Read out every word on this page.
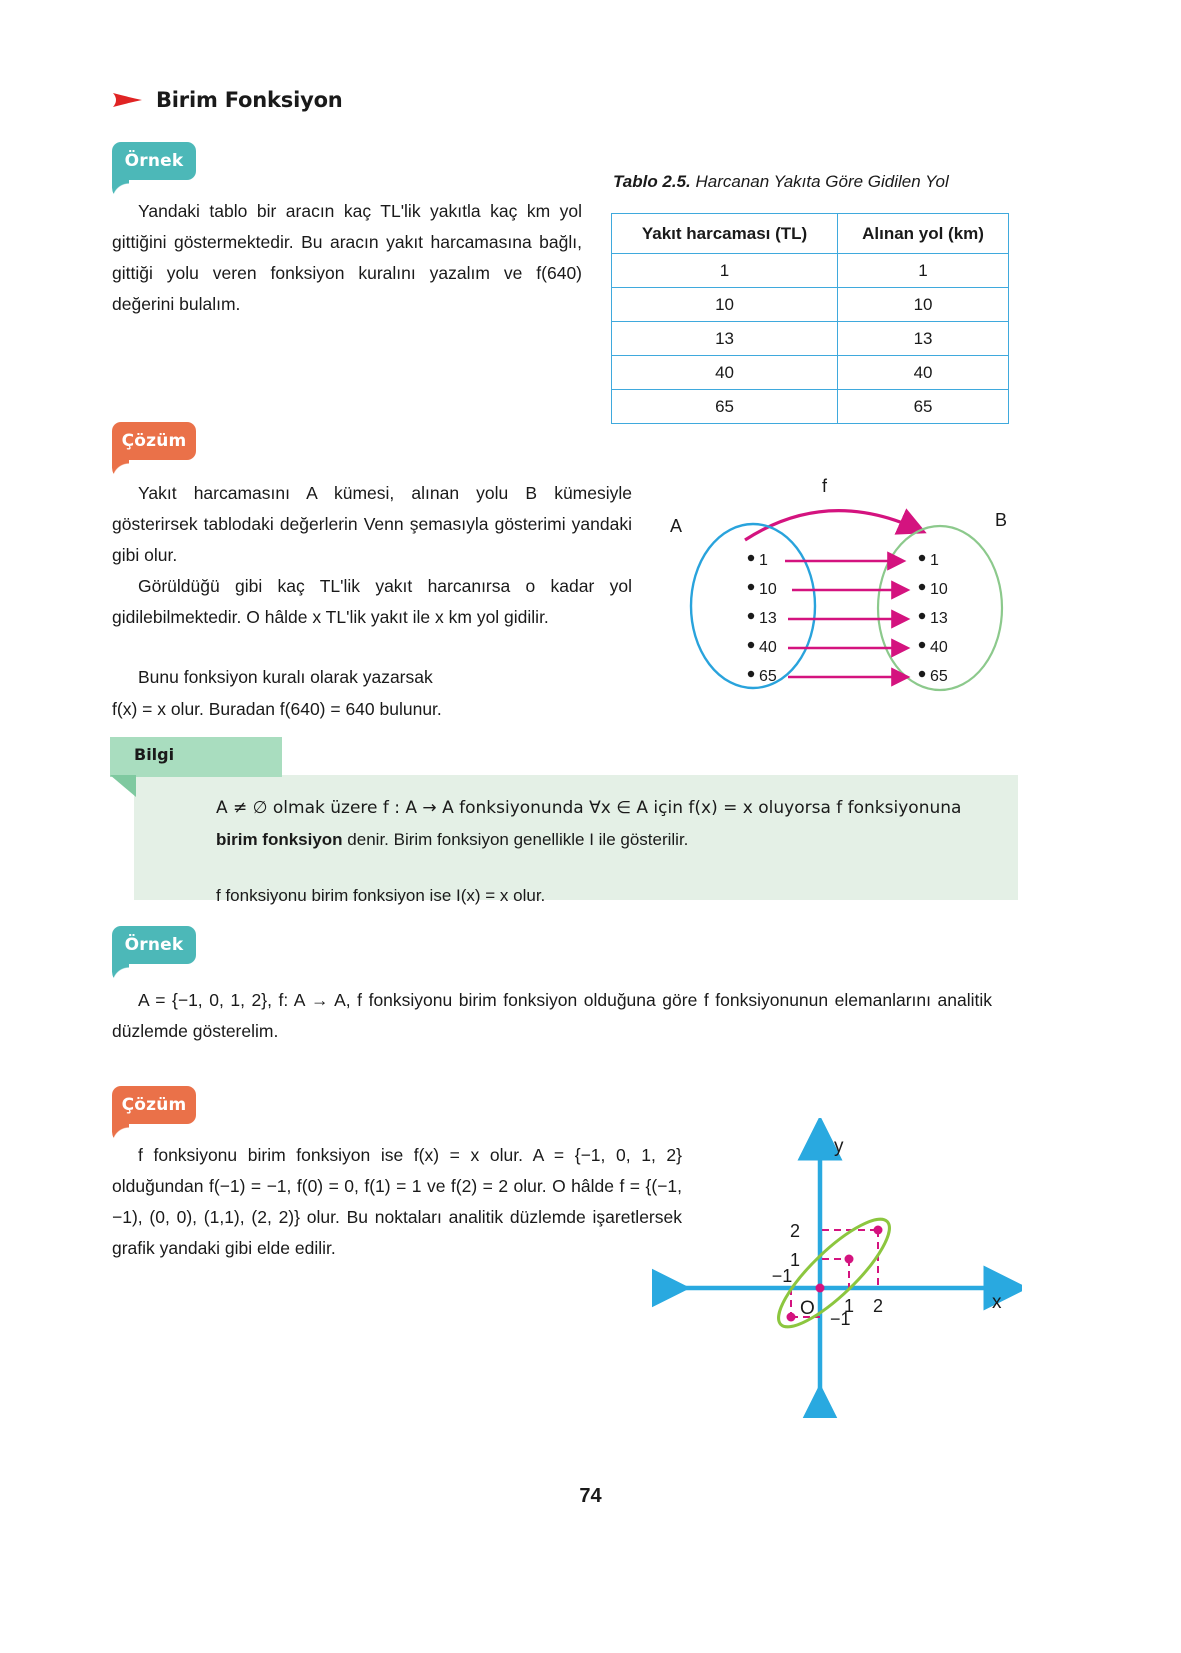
Birim Fonksiyon
Örnek

Yandaki tablo bir aracın kaç TL'lik yakıtla kaç km yol gittiğini göstermektedir. Bu aracın yakıt harcamasına bağlı, gittiği yolu veren fonksiyon kuralını yazalım ve f(640) değerini bulalım.

Tablo 2.5. Harcanan Yakıta Göre Gidilen Yol
Yakıt harcaması (TL)	Alınan yol (km)
1	1
10	10
13	13
40	40
65	65
Çözüm

Yakıt harcamasını A kümesi, alınan yolu B kümesiyle gösterirsek tablodaki değerlerin Venn şemasıyla gösterimi yandaki gibi olur.

Görüldüğü gibi kaç TL'lik yakıt harcanırsa o kadar yol gidilebilmektedir. O hâlde x TL'lik yakıt ile x km yol gidilir.

Bunu fonksiyon kuralı olarak yazarsak

f(x) = x olur. Buradan f(640) = 640 bulunur.

A	B
f
1
10
13
40
65
1
10
13
40
65
Bilgi
A ≠ ∅ olmak üzere f : A → A fonksiyonunda ∀x ∈ A için f(x) = x oluyorsa f fonksiyonuna
birim fonksiyon denir. Birim fonksiyon genellikle I ile gösterilir.
f fonksiyonu birim fonksiyon ise I(x) = x olur.
Örnek

A = {−1, 0, 1, 2}, f: A → A, f fonksiyonu birim fonksiyon olduğuna göre f fonksiyonunun elemanlarını analitik düzlemde gösterelim.

Çözüm

f fonksiyonu birim fonksiyon ise f(x) = x olur. A = {−1, 0, 1, 2} olduğundan f(−1) = −1, f(0) = 0, f(1) = 1 ve f(2) = 2 olur. O hâlde f = {(−1, −1), (0, 0), (1,1), (2, 2)} olur. Bu noktaları analitik düzlemde işaretlersek grafik yandaki gibi elde edilir.

y
x
O
2
1
−1
−1
1 2
74
